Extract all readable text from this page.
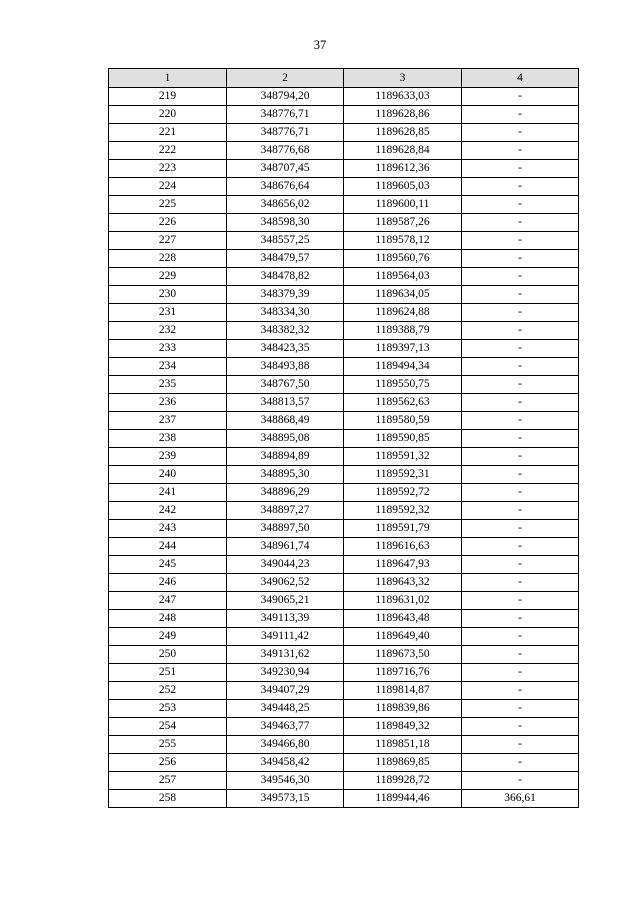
37
1	2	3	4
219	348794,20	1189633,03	-
220	348776,71	1189628,86	-
221	348776,71	1189628,85	-
222	348776,68	1189628,84	-
223	348707,45	1189612,36	-
224	348676,64	1189605,03	-
225	348656,02	1189600,11	-
226	348598,30	1189587,26	-
227	348557,25	1189578,12	-
228	348479,57	1189560,76	-
229	348478,82	1189564,03	-
230	348379,39	1189634,05	-
231	348334,30	1189624,88	-
232	348382,32	1189388,79	-
233	348423,35	1189397,13	-
234	348493,88	1189494,34	-
235	348767,50	1189550,75	-
236	348813,57	1189562,63	-
237	348868,49	1189580,59	-
238	348895,08	1189590,85	-
239	348894,89	1189591,32	-
240	348895,30	1189592,31	-
241	348896,29	1189592,72	-
242	348897,27	1189592,32	-
243	348897,50	1189591,79	-
244	348961,74	1189616,63	-
245	349044,23	1189647,93	-
246	349062,52	1189643,32	-
247	349065,21	1189631,02	-
248	349113,39	1189643,48	-
249	349111,42	1189649,40	-
250	349131,62	1189673,50	-
251	349230,94	1189716,76	-
252	349407,29	1189814,87	-
253	349448,25	1189839,86	-
254	349463,77	1189849,32	-
255	349466,80	1189851,18	-
256	349458,42	1189869,85	-
257	349546,30	1189928,72	-
258	349573,15	1189944,46	366,61
